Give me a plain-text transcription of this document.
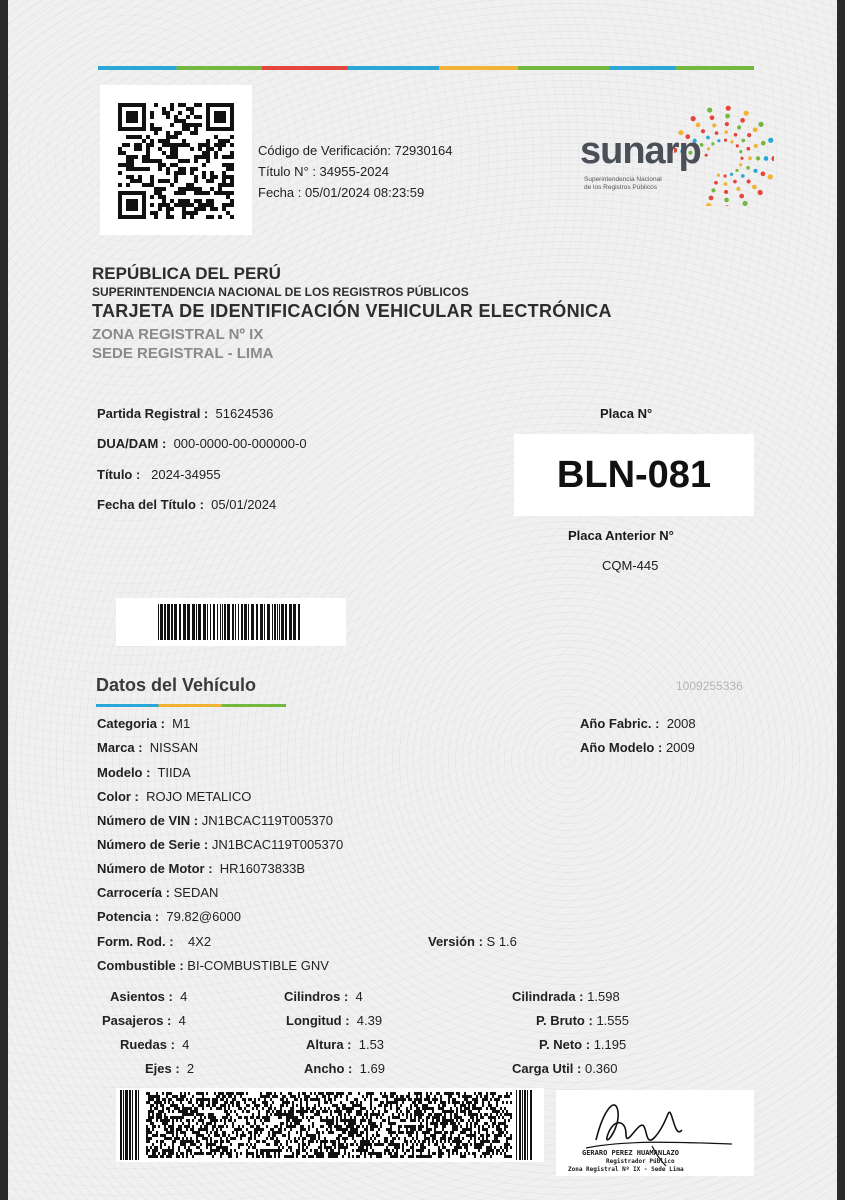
Código de Verificación: 72930164
Título N° : 34955-2024
Fecha : 05/01/2024 08:23:59
sunarp
Superintendencia Nacional
de los Registros Públicos
REPÚBLICA DEL PERÚ
SUPERINTENDENCIA NACIONAL DE LOS REGISTROS PÚBLICOS
TARJETA DE IDENTIFICACIÓN VEHICULAR ELECTRÓNICA
ZONA REGISTRAL Nº IX
SEDE REGISTRAL - LIMA
Partida Registral : 51624536
DUA/DAM : 000-0000-00-000000-0
Título : 2024-34955
Fecha del Título : 05/01/2024
Placa N°
BLN-081
Placa Anterior N°
CQM-445
Datos del Vehículo	1009255336
Categoria : M1
Marca : NISSAN
Modelo : TIIDA
Color : ROJO METALICO
Número de VIN : JN1BCAC119T005370
Número de Serie : JN1BCAC119T005370
Número de Motor : HR16073833B
Carrocería : SEDAN
Potencia : 79.82@6000
Form. Rod. : 4X2	Versión : S 1.6
Combustible : BI-COMBUSTIBLE GNV
Año Fabric. : 2008
Año Modelo : 2009
Asientos : 4
Pasajeros : 4
Ruedas : 4
Ejes : 2
Cilindros : 4
Longitud : 4.39
Altura : 1.53
Ancho : 1.69
Cilindrada : 1.598
P. Bruto : 1.555
P. Neto : 1.195
Carga Util : 0.360
GERARO PEREZ HUAMANLAZO
Registrador Público
Zona Registral Nº IX - Sede Lima
